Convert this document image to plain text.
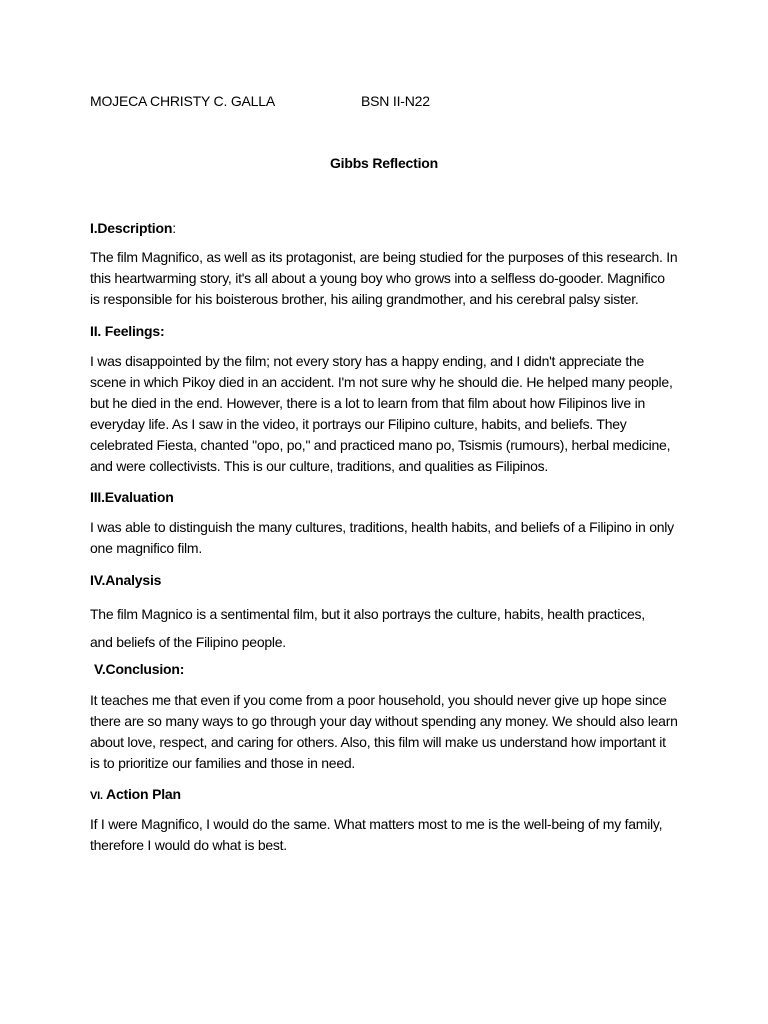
MOJECA CHRISTY C. GALLA	BSN II-N22
Gibbs Reflection
I.Description:
The film Magnifico, as well as its protagonist, are being studied for the purposes of this research. In
this heartwarming story, it's all about a young boy who grows into a selfless do-gooder. Magnifico
is responsible for his boisterous brother, his ailing grandmother, and his cerebral palsy sister.
II. Feelings:
I was disappointed by the film; not every story has a happy ending, and I didn't appreciate the
scene in which Pikoy died in an accident. I'm not sure why he should die. He helped many people,
but he died in the end. However, there is a lot to learn from that film about how Filipinos live in
everyday life. As I saw in the video, it portrays our Filipino culture, habits, and beliefs. They
celebrated Fiesta, chanted "opo, po," and practiced mano po, Tsismis (rumours), herbal medicine,
and were collectivists. This is our culture, traditions, and qualities as Filipinos.
III.Evaluation
I was able to distinguish the many cultures, traditions, health habits, and beliefs of a Filipino in only
one magnifico film.
IV.Analysis
The film Magnico is a sentimental film, but it also portrays the culture, habits, health practices,
and beliefs of the Filipino people.
V.Conclusion:
It teaches me that even if you come from a poor household, you should never give up hope since
there are so many ways to go through your day without spending any money. We should also learn
about love, respect, and caring for others. Also, this film will make us understand how important it
is to prioritize our families and those in need.
VI. Action Plan
If I were Magnifico, I would do the same. What matters most to me is the well-being of my family,
therefore I would do what is best.
